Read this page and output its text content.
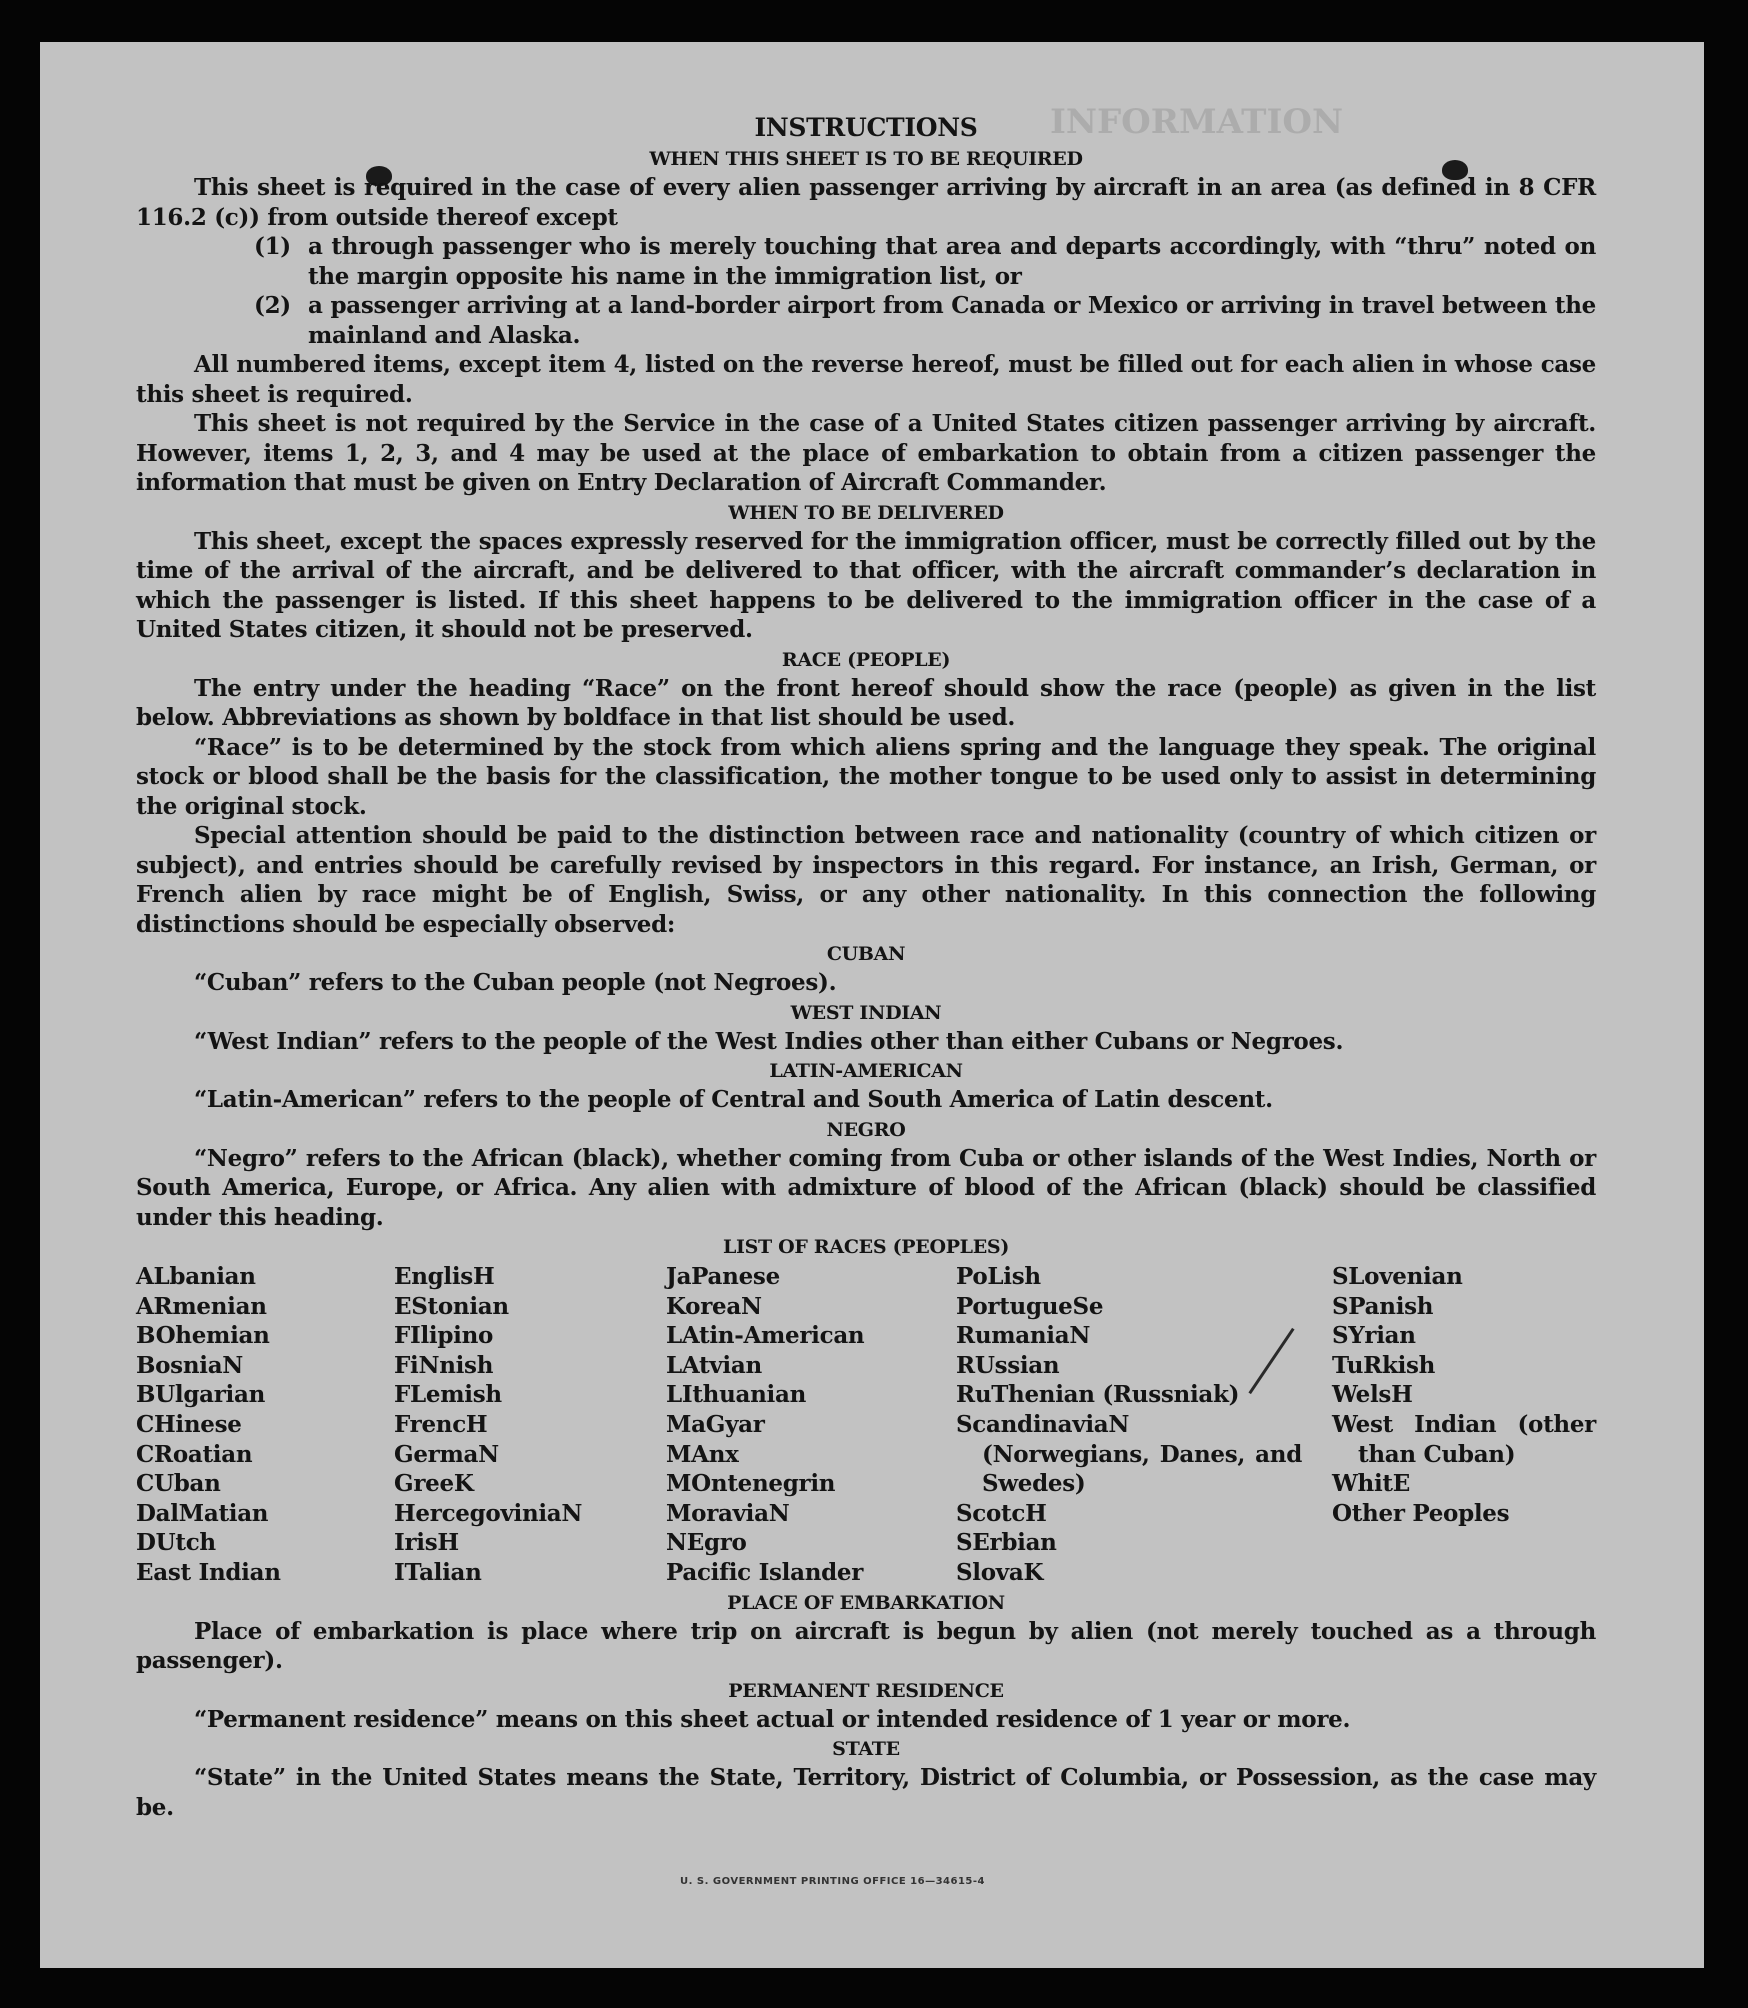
INFORMATION
INSTRUCTIONS
WHEN THIS SHEET IS TO BE REQUIRED

This sheet is required in the case of every alien passenger arriving by aircraft in an area (as defined in 8 CFR 116.2 (c)) from outside thereof except

(1) a through passenger who is merely touching that area and departs accordingly, with “thru” noted on the margin opposite his name in the immigration list, or
(2) a passenger arriving at a land-border airport from Canada or Mexico or arriving in travel between the mainland and Alaska.

All numbered items, except item 4, listed on the reverse hereof, must be filled out for each alien in whose case this sheet is required.

This sheet is not required by the Service in the case of a United States citizen passenger arriving by aircraft. However, items 1, 2, 3, and 4 may be used at the place of embarkation to obtain from a citizen passenger the information that must be given on Entry Declaration of Aircraft Commander.

WHEN TO BE DELIVERED

This sheet, except the spaces expressly reserved for the immigration officer, must be correctly filled out by the time of the arrival of the aircraft, and be delivered to that officer, with the aircraft commander’s declaration in which the passenger is listed. If this sheet happens to be delivered to the immigration officer in the case of a United States citizen, it should not be preserved.

RACE (PEOPLE)

The entry under the heading “Race” on the front hereof should show the race (people) as given in the list below. Abbreviations as shown by boldface in that list should be used.

“Race” is to be determined by the stock from which aliens spring and the language they speak. The original stock or blood shall be the basis for the classification, the mother tongue to be used only to assist in determining the original stock.

Special attention should be paid to the distinction between race and nationality (country of which citizen or subject), and entries should be carefully revised by inspectors in this regard. For instance, an Irish, German, or French alien by race might be of English, Swiss, or any other nationality. In this connection the following distinctions should be especially observed:

CUBAN

“Cuban” refers to the Cuban people (not Negroes).

WEST INDIAN

“West Indian” refers to the people of the West Indies other than either Cubans or Negroes.

LATIN-AMERICAN

“Latin-American” refers to the people of Central and South America of Latin descent.

NEGRO

“Negro” refers to the African (black), whether coming from Cuba or other islands of the West Indies, North or South America, Europe, or Africa. Any alien with admixture of blood of the African (black) should be classified under this heading.

LIST OF RACES (PEOPLES)
ALbanian
ARmenian
BOhemian
BosniaN
BUlgarian
CHinese
CRoatian
CUban
DalMatian
DUtch
East Indian
EnglisH
EStonian
FIlipino
FiNnish
FLemish
FrencH
GermaN
GreeK
HercegoviniaN
IrisH
ITalian
JaPanese
KoreaN
LAtin-American
LAtvian
LIthuanian
MaGyar
MAnx
MOntenegrin
MoraviaN
NEgro
Pacific Islander
PoLish
PortugueSe
RumaniaN
RUssian
RuThenian (Russniak)
ScandinaviaN (Norwegians, Danes, and Swedes)
ScotcH
SErbian
SlovaK
SLovenian
SPanish
SYrian
TuRkish
WelsH
West Indian (other than Cuban)
WhitE
Other Peoples
PLACE OF EMBARKATION

Place of embarkation is place where trip on aircraft is begun by alien (not merely touched as a through passenger).

PERMANENT RESIDENCE

“Permanent residence” means on this sheet actual or intended residence of 1 year or more.

STATE

“State” in the United States means the State, Territory, District of Columbia, or Possession, as the case may be.

U. S. GOVERNMENT PRINTING OFFICE 16—34615-4
